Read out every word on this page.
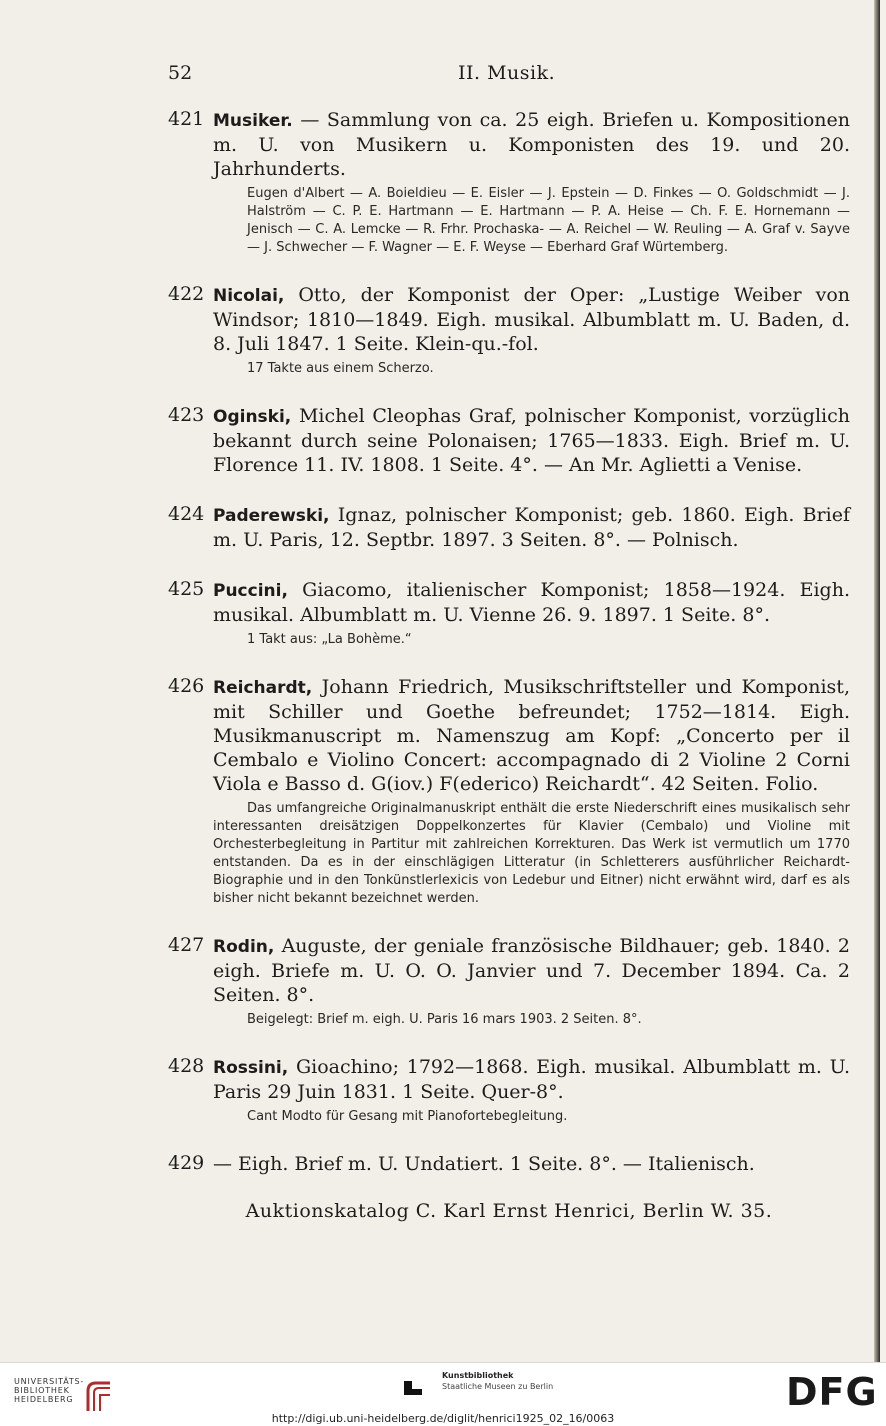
52	II. Musik.
421 Musiker. — Sammlung von ca. 25 eigh. Briefen u. Kompositionen m. U. von Musikern u. Komponisten des 19. und 20. Jahrhunderts.
Eugen d'Albert — A. Boieldieu — E. Eisler — J. Epstein — D. Finkes — O. Goldschmidt — J. Halström — C. P. E. Hartmann — E. Hartmann — P. A. Heise — Ch. F. E. Hornemann — Jenisch — C. A. Lemcke — R. Frhr. Prochaska- — A. Reichel — W. Reuling — A. Graf v. Sayve — J. Schwecher — F. Wagner — E. F. Weyse — Eberhard Graf Würtemberg.
422 Nicolai, Otto, der Komponist der Oper: „Lustige Weiber von Windsor; 1810—1849. Eigh. musikal. Albumblatt m. U. Baden, d. 8. Juli 1847. 1 Seite. Klein-qu.-fol.
17 Takte aus einem Scherzo.
423 Oginski, Michel Cleophas Graf, polnischer Komponist, vorzüglich bekannt durch seine Polonaisen; 1765—1833. Eigh. Brief m. U. Florence 11. IV. 1808. 1 Seite. 4°. — An Mr. Aglietti a Venise.
424 Paderewski, Ignaz, polnischer Komponist; geb. 1860. Eigh. Brief m. U. Paris, 12. Septbr. 1897. 3 Seiten. 8°. — Polnisch.
425 Puccini, Giacomo, italienischer Komponist; 1858—1924. Eigh. musikal. Albumblatt m. U. Vienne 26. 9. 1897. 1 Seite. 8°.
1 Takt aus: „La Bohème.“
426 Reichardt, Johann Friedrich, Musikschriftsteller und Komponist, mit Schiller und Goethe befreundet; 1752—1814. Eigh. Musikmanuscript m. Namenszug am Kopf: „Concerto per il Cembalo e Violino Concert: accompagnado di 2 Violine 2 Corni Viola e Basso d. G(iov.) F(ederico) Reichardt“. 42 Seiten. Folio.
Das umfangreiche Originalmanuskript enthält die erste Niederschrift eines musikalisch sehr interessanten dreisätzigen Doppelkonzertes für Klavier (Cembalo) und Violine mit Orchesterbegleitung in Partitur mit zahlreichen Korrekturen. Das Werk ist vermutlich um 1770 entstanden. Da es in der einschlägigen Litteratur (in Schletterers ausführlicher Reichardt-Biographie und in den Tonkünstlerlexicis von Ledebur und Eitner) nicht erwähnt wird, darf es als bisher nicht bekannt bezeichnet werden.
427 Rodin, Auguste, der geniale französische Bildhauer; geb. 1840. 2 eigh. Briefe m. U. O. O. Janvier und 7. December 1894. Ca. 2 Seiten. 8°.
Beigelegt: Brief m. eigh. U. Paris 16 mars 1903. 2 Seiten. 8°.
428 Rossini, Gioachino; 1792—1868. Eigh. musikal. Albumblatt m. U. Paris 29 Juin 1831. 1 Seite. Quer-8°.
Cant Modto für Gesang mit Pianofortebegleitung.
429 — Eigh. Brief m. U. Undatiert. 1 Seite. 8°. — Italienisch.
Auktionskatalog C. Karl Ernst Henrici, Berlin W. 35.
UNIVERSITÄTS-
BIBLIOTHEK
HEIDELBERG
Kunstbibliothek
Staatliche Museen zu Berlin	DFG
http://digi.ub.uni-heidelberg.de/diglit/henrici1925_02_16/0063
